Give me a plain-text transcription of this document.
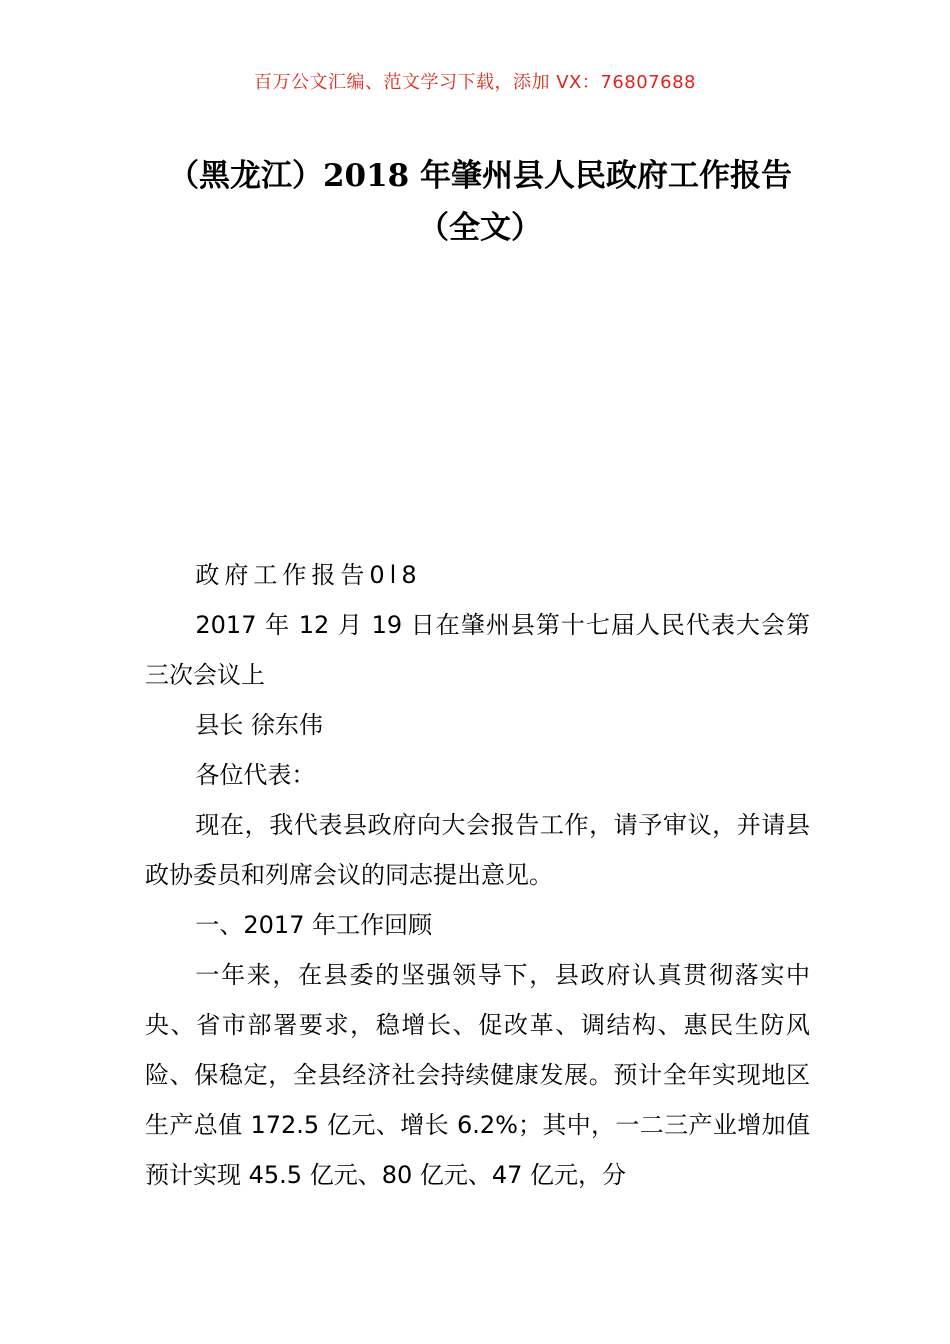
百万公文汇编、范文学习下载，添加 VX：76807688
（黑龙江）2018 年肇州县人民政府工作报告（全文）

政府工作报告0l8

2017 年 12 月 19 日在肇州县第十七届人民代表大会第三次会议上

县长 徐东伟

各位代表：

现在，我代表县政府向大会报告工作，请予审议，并请县政协委员和列席会议的同志提出意见。

一、2017 年工作回顾

一年来，在县委的坚强领导下，县政府认真贯彻落实中央、省市部署要求，稳增长、促改革、调结构、惠民生防风险、保稳定，全县经济社会持续健康发展。预计全年实现地区生产总值 172.5 亿元、增长 6.2%；其中，一二三产业增加值预计实现 45.5 亿元、80 亿元、47 亿元，分
